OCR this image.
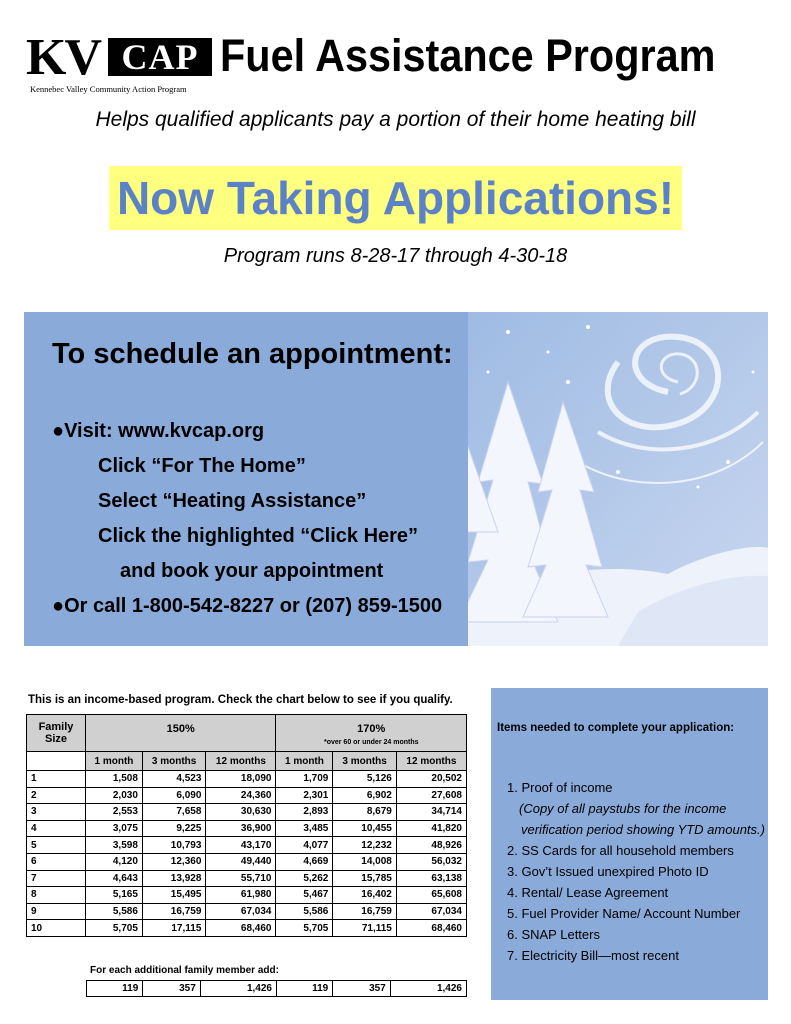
KV CAP
Kennebec Valley Community Action Program
Fuel Assistance Program
Helps qualified applicants pay a portion of their home heating bill
Now Taking Applications!
Program runs 8-28-17 through 4-30-18
To schedule an appointment:
●Visit: www.kvcap.org
Click “For The Home”
Select “Heating Assistance”
Click the highlighted “Click Here”
and book your appointment
●Or call 1-800-542-8227 or (207) 859-1500
This is an income-based program. Check the chart below to see if you qualify.
Family Size	150%			170%
*over 60 or under 24 months		

	1 month	3 months	12 months	1 month	3 months	12 months
1	1,508	4,523	18,090	1,709	5,126	20,502
2	2,030	6,090	24,360	2,301	6,902	27,608
3	2,553	7,658	30,630	2,893	8,679	34,714
4	3,075	9,225	36,900	3,485	10,455	41,820
5	3,598	10,793	43,170	4,077	12,232	48,926
6	4,120	12,360	49,440	4,669	14,008	56,032
7	4,643	13,928	55,710	5,262	15,785	63,138
8	5,165	15,495	61,980	5,467	16,402	65,608
9	5,586	16,759	67,034	5,586	16,759	67,034
10	5,705	17,115	68,460	5,705	71,115	68,460
For each additional family member add:
119	357	1,426	119	357	1,426
Items needed to complete your application:
1. Proof of income
(Copy of all paystubs for the income
verification period showing YTD amounts.)
2. SS Cards for all household members
3. Gov’t Issued unexpired Photo ID
4. Rental/ Lease Agreement
5. Fuel Provider Name/ Account Number
6. SNAP Letters
7. Electricity Bill—most recent
